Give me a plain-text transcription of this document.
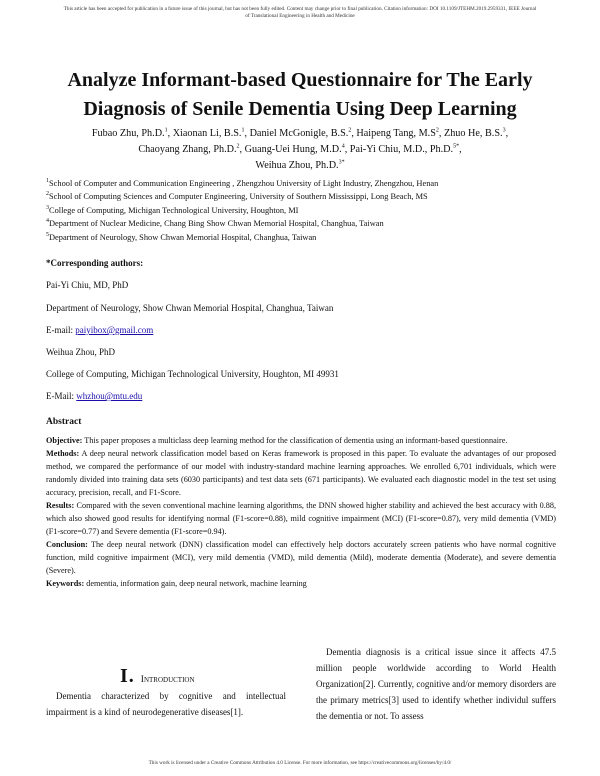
This article has been accepted for publication in a future issue of this journal, but has not been fully edited. Content may change prior to final publication. Citation information: DOI 10.1109/JTEHM.2019.2959331, IEEE Journal
of Translational Engineering in Health and Medicine
Analyze Informant-based Questionnaire for The Early
Diagnosis of Senile Dementia Using Deep Learning
Fubao Zhu, Ph.D.$^1$, Xiaonan Li, B.S.$^1$, Daniel McGonigle, B.S.$^2$, Haipeng Tang, $M.S^2$, Zhuo He, B.S.$^3$,
Chaoyang Zhang, Ph.D.$^2$, Guang-Uei Hung, M.D.$^4$, Pai-Yi Chiu, M.D., Ph.D.$^{5*}$,
Weihua Zhou, Ph.D.$^{3*}$
$^1$School of Computer and Communication Engineering , Zhengzhou University of Light Industry, Zhengzhou, Henan
$^2$School of Computing Sciences and Computer Engineering, University of Southern Mississippi, Long Beach, MS
$^3$College of Computing, Michigan Technological University, Houghton, MI
$^4$Department of Nuclear Medicine, Chang Bing Show Chwan Memorial Hospital, Changhua, Taiwan
$^5$Department of Neurology, Show Chwan Memorial Hospital, Changhua, Taiwan
*Corresponding authors:
Pai-Yi Chiu, MD, PhD
Department of Neurology, Show Chwan Memorial Hospital, Changhua, Taiwan
E-mail: paiyibox@gmail.com
Weihua Zhou, PhD
College of Computing, Michigan Technological University, Houghton, MI 49931
E-Mail: whzhou@mtu.edu
Abstract

Objective: This paper proposes a multiclass deep learning method for the classification of dementia using an informant-based questionnaire.

Methods: A deep neural network classification model based on Keras framework is proposed in this paper. To evaluate the advantages of our proposed method, we compared the performance of our model with industry-standard machine learning approaches. We enrolled 6,701 individuals, which were randomly divided into training data sets (6030 participants) and test data sets (671 participants). We evaluated each diagnostic model in the test set using accuracy, precision, recall, and F1-Score.

Results: Compared with the seven conventional machine learning algorithms, the DNN showed higher stability and achieved the best accuracy with 0.88, which also showed good results for identifying normal (F1-score=0.88), mild cognitive impairment (MCI) (F1-score=0.87), very mild dementia (VMD) (F1-score=0.77) and Severe dementia (F1-score=0.94).

Conclusion: The deep neural network (DNN) classification model can effectively help doctors accurately screen patients who have normal cognitive function, mild cognitive impairment (MCI), very mild dementia (VMD), mild dementia (Mild), moderate dementia (Moderate), and severe dementia (Severe).

Keywords: dementia, information gain, deep neural network, machine learning

I. Introduction

Dementia characterized by cognitive and intellectual impairment is a kind of neurodegenerative diseases[1].

Dementia diagnosis is a critical issue since it affects 47.5 million people worldwide according to World Health Organization[2]. Currently, cognitive and/or memory disorders are the primary metrics[3] used to identify whether individul suffers the dementia or not. To assess

This work is licensed under a Creative Commons Attribution 4.0 License. For more information, see https://creativecommons.org/licenses/by/4.0/
